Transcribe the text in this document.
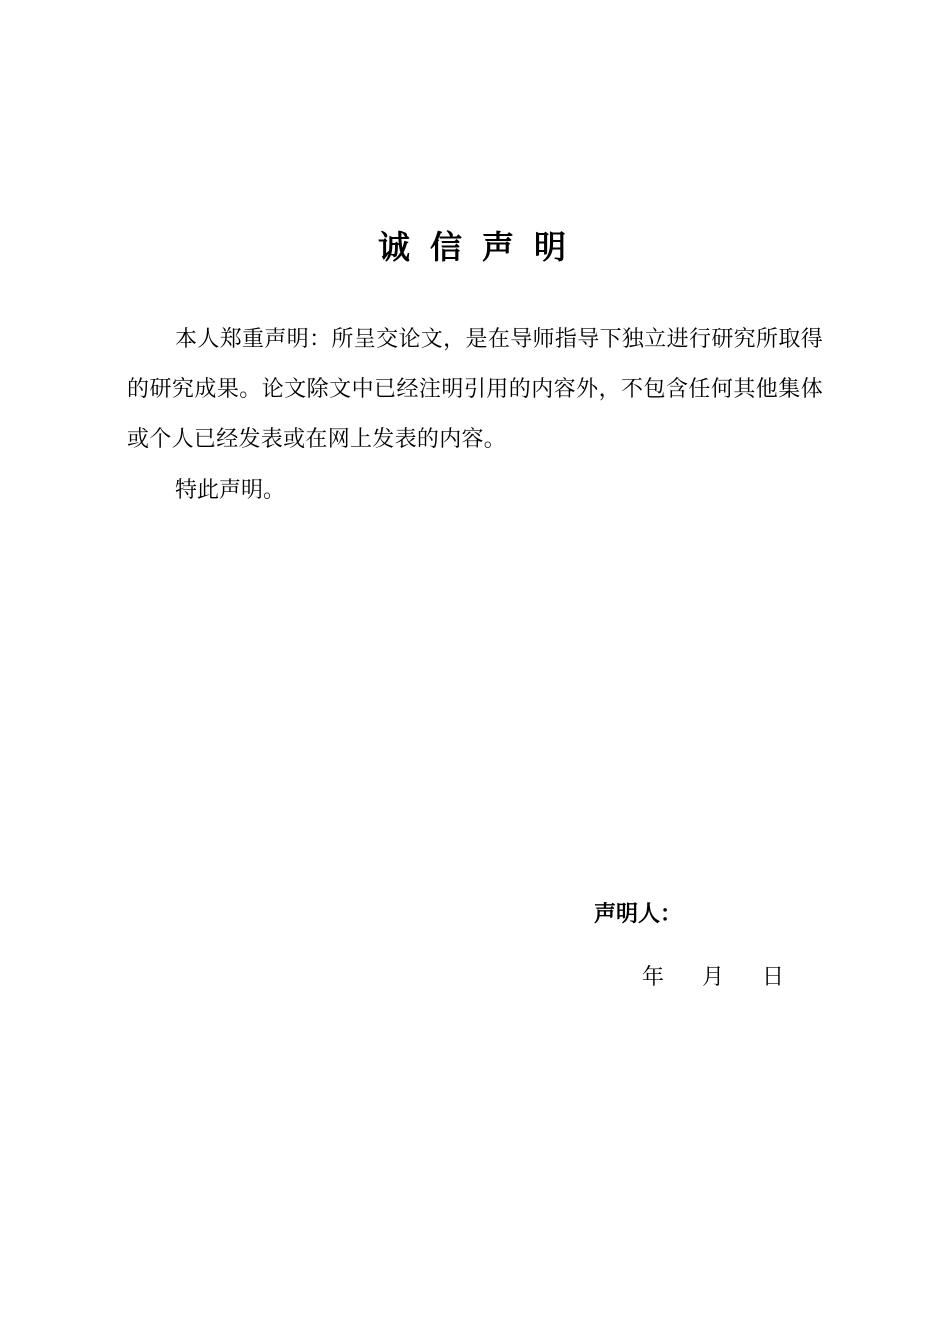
诚信声明

本人郑重声明：所呈交论文，是在导师指导下独立进行研究所取得的研究成果。论文除文中已经注明引用的内容外，不包含任何其他集体或个人已经发表或在网上发表的内容。

特此声明。
声明人：
年 月 日
